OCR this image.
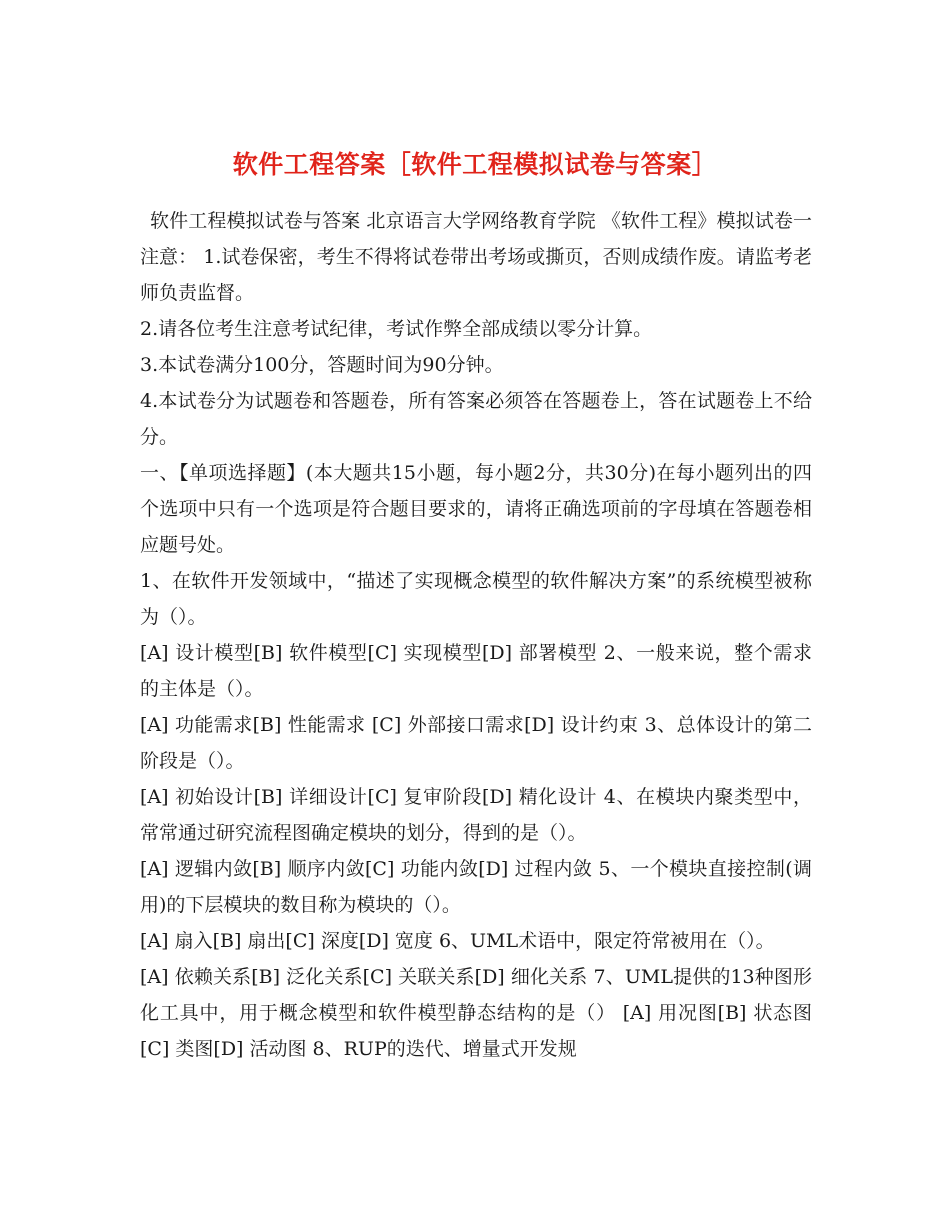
软件工程答案［软件工程模拟试卷与答案］

软件工程模拟试卷与答案 北京语言大学网络教育学院 《软件工程》模拟试卷一 注意： 1.试卷保密，考生不得将试卷带出考场或撕页，否则成绩作废。请监考老师负责监督。

2.请各位考生注意考试纪律，考试作弊全部成绩以零分计算。

3.本试卷满分100分，答题时间为90分钟。

4.本试卷分为试题卷和答题卷，所有答案必须答在答题卷上，答在试题卷上不给分。

一、【单项选择题】(本大题共15小题，每小题2分，共30分)在每小题列出的四个选项中只有一个选项是符合题目要求的，请将正确选项前的字母填在答题卷相应题号处。

1、在软件开发领域中，“描述了实现概念模型的软件解决方案”的系统模型被称为（）。

[A] 设计模型[B] 软件模型[C] 实现模型[D] 部署模型 2、一般来说，整个需求的主体是（）。

[A] 功能需求[B] 性能需求 [C] 外部接口需求[D] 设计约束 3、总体设计的第二阶段是（）。

[A] 初始设计[B] 详细设计[C] 复审阶段[D] 精化设计 4、在模块内聚类型中，常常通过研究流程图确定模块的划分，得到的是（）。

[A] 逻辑内敛[B] 顺序内敛[C] 功能内敛[D] 过程内敛 5、一个模块直接控制(调用)的下层模块的数目称为模块的（）。

[A] 扇入[B] 扇出[C] 深度[D] 宽度 6、UML术语中，限定符常被用在（）。

[A] 依赖关系[B] 泛化关系[C] 关联关系[D] 细化关系 7、UML提供的13种图形化工具中，用于概念模型和软件模型静态结构的是（） [A] 用况图[B] 状态图[C] 类图[D] 活动图 8、RUP的迭代、增量式开发规
